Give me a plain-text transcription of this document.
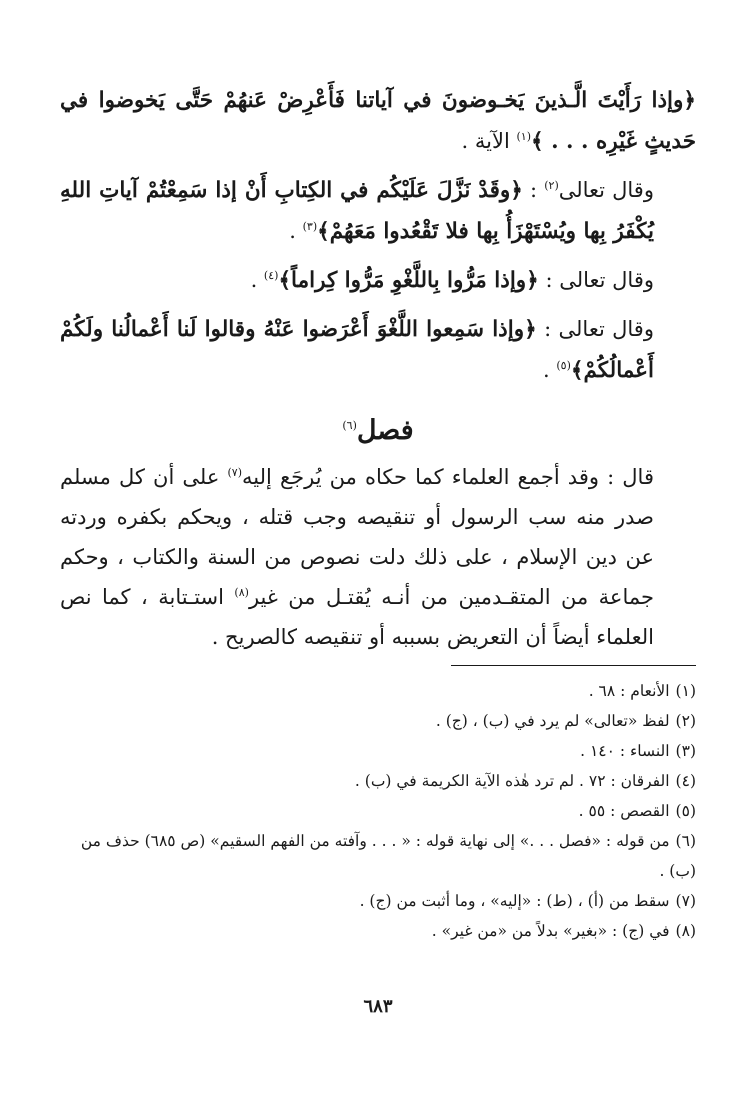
﴿وإذا رَأَيْتَ الَّـذينَ يَخـوضونَ في آياتنا فَأَعْرِضْ عَنهُمْ حَتَّى يَخوضوا في حَديثٍ غَيْرِه . . . ﴾$^{(١)}$ الآية .

وقال تعالى$^{(٢)}$ : ﴿وقَدْ نَزَّلَ عَلَيْكُم في الكِتابِ أَنْ إذا سَمِعْتُمْ آياتِ اللهِ يُكْفَرُ بِها ويُسْتَهْزَأُ بِها فلا تَقْعُدوا مَعَهُمْ﴾$^{(٣)}$ .

وقال تعالى : ﴿وإذا مَرُّوا بِاللَّغْوِ مَرُّوا كِراماً﴾$^{(٤)}$ .

وقال تعالى : ﴿وإذا سَمِعوا اللَّغْوَ أَعْرَضوا عَنْهُ وقالوا لَنا أَعْمالُنا ولَكُمْ أَعْمالُكُمْ﴾$^{(٥)}$ .

فصل$^{(٦)}$

قال : وقد أجمع العلماء كما حكاه من يُرجَع إليه$^{(٧)}$ على أن كل مسلم صدر منه سب الرسول أو تنقيصه وجب قتله ، ويحكم بكفره وردته عن دين الإسلام ، على ذلك دلت نصوص من السنة والكتاب ، وحكم جماعة من المتقـدمين من أنـه يُقتـل من غير$^{(٨)}$ استـتابة ، كما نص العلماء أيضاً أن التعريض بسببه أو تنقيصه كالصريح .

(١)الأنعام : ٦٨ .

(٢)لفظ «تعالى» لم يرد في (ب) ، (ج) .

(٣)النساء : ١٤٠ .

(٤)الفرقان : ٧٢ . لم ترد هٰذه الآية الكريمة في (ب) .

(٥)القصص : ٥٥ .

(٦)من قوله : «فصل . . .» إلى نهاية قوله : « . . . وآفته من الفهم السقيم» (ص ٦٨٥) حذف من (ب) .

(٧)سقط من (أ) ، (ط) : «إليه» ، وما أثبت من (ج) .

(٨)في (ج) : «بغير» بدلاً من «من غير» .

٦٨٣
